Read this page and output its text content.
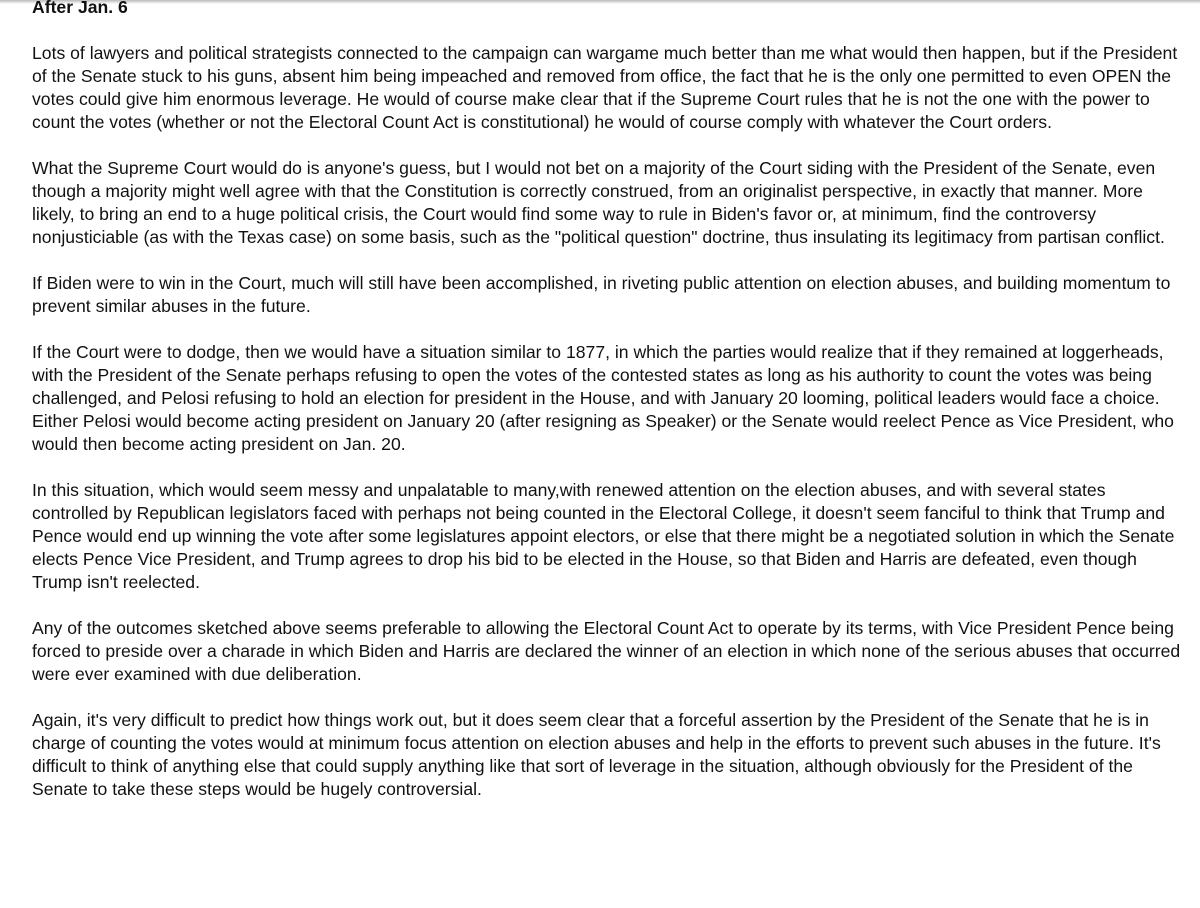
After Jan. 6

Lots of lawyers and political strategists connected to the campaign can wargame much better than me what would then happen, but if the President of the Senate stuck to his guns, absent him being impeached and removed from office, the fact that he is the only one permitted to even OPEN the votes could give him enormous leverage. He would of course make clear that if the Supreme Court rules that he is not the one with the power to count the votes (whether or not the Electoral Count Act is constitutional) he would of course comply with whatever the Court orders.

What the Supreme Court would do is anyone's guess, but I would not bet on a majority of the Court siding with the President of the Senate, even though a majority might well agree with that the Constitution is correctly construed, from an originalist perspective, in exactly that manner. More likely, to bring an end to a huge political crisis, the Court would find some way to rule in Biden's favor or, at minimum, find the controversy nonjusticiable (as with the Texas case) on some basis, such as the "political question" doctrine, thus insulating its legitimacy from partisan conflict.

If Biden were to win in the Court, much will still have been accomplished, in riveting public attention on election abuses, and building momentum to prevent similar abuses in the future.

If the Court were to dodge, then we would have a situation similar to 1877, in which the parties would realize that if they remained at loggerheads, with the President of the Senate perhaps refusing to open the votes of the contested states as long as his authority to count the votes was being challenged, and Pelosi refusing to hold an election for president in the House, and with January 20 looming, political leaders would face a choice. Either Pelosi would become acting president on January 20 (after resigning as Speaker) or the Senate would reelect Pence as Vice President, who would then become acting president on Jan. 20.

In this situation, which would seem messy and unpalatable to many,with renewed attention on the election abuses, and with several states controlled by Republican legislators faced with perhaps not being counted in the Electoral College, it doesn't seem fanciful to think that Trump and Pence would end up winning the vote after some legislatures appoint electors, or else that there might be a negotiated solution in which the Senate elects Pence Vice President, and Trump agrees to drop his bid to be elected in the House, so that Biden and Harris are defeated, even though Trump isn't reelected.

Any of the outcomes sketched above seems preferable to allowing the Electoral Count Act to operate by its terms, with Vice President Pence being forced to preside over a charade in which Biden and Harris are declared the winner of an election in which none of the serious abuses that occurred were ever examined with due deliberation.

Again, it's very difficult to predict how things work out, but it does seem clear that a forceful assertion by the President of the Senate that he is in charge of counting the votes would at minimum focus attention on election abuses and help in the efforts to prevent such abuses in the future. It's difficult to think of anything else that could supply anything like that sort of leverage in the situation, although obviously for the President of the Senate to take these steps would be hugely controversial.
